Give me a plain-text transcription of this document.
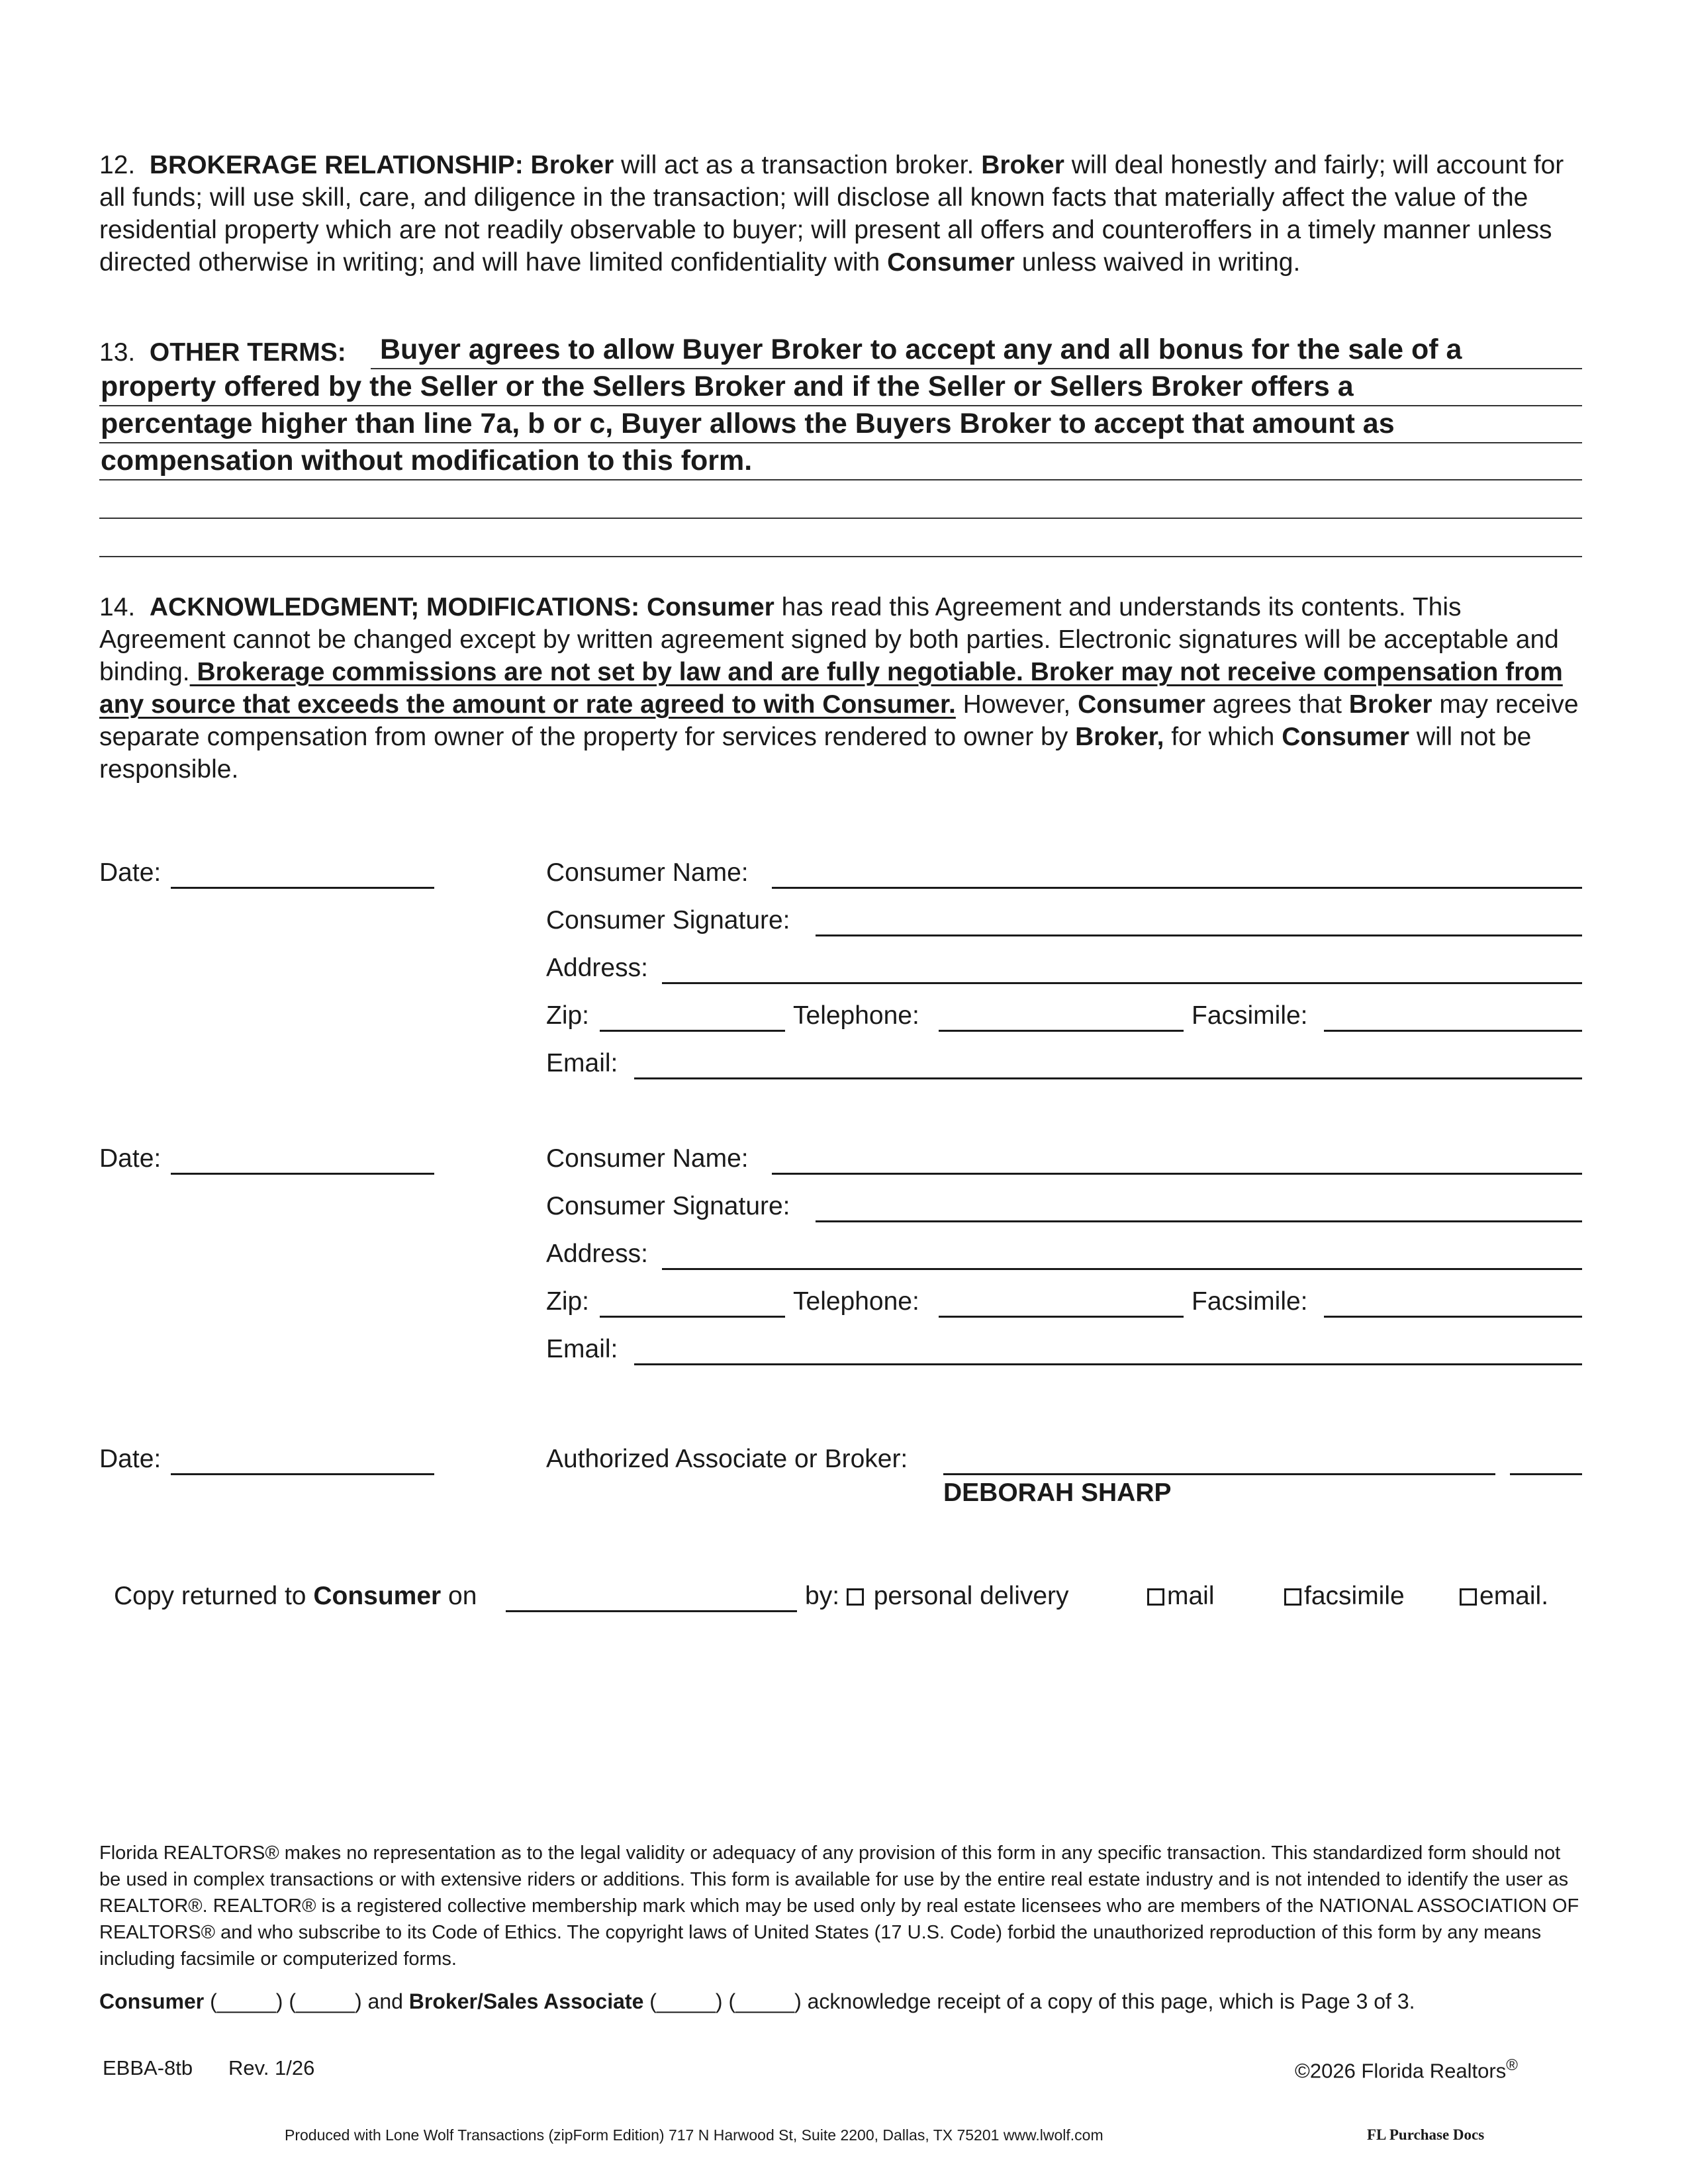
12. BROKERAGE RELATIONSHIP: Broker will act as a transaction broker. Broker will deal honestly and fairly; will account for all funds; will use skill, care, and diligence in the transaction; will disclose all known facts that materially affect the value of the residential property which are not readily observable to buyer; will present all offers and counteroffers in a timely manner unless directed otherwise in writing; and will have limited confidentiality with Consumer unless waived in writing.
13. OTHER TERMS: Buyer agrees to allow Buyer Broker to accept any and all bonus for the sale of a
property offered by the Seller or the Sellers Broker and if the Seller or Sellers Broker offers a
percentage higher than line 7a, b or c, Buyer allows the Buyers Broker to accept that amount as
compensation without modification to this form.
14. ACKNOWLEDGMENT; MODIFICATIONS: Consumer has read this Agreement and understands its contents. This Agreement cannot be changed except by written agreement signed by both parties. Electronic signatures will be acceptable and binding. Brokerage commissions are not set by law and are fully negotiable. Broker may not receive compensation from any source that exceeds the amount or rate agreed to with Consumer. However, Consumer agrees that Broker may receive separate compensation from owner of the property for services rendered to owner by Broker, for which Consumer will not be responsible.
Date:	Consumer Name:
Consumer Signature:
Address:
Zip:	Telephone:	Facsimile:
Email:
Date:	Consumer Name:
Consumer Signature:
Address:
Zip:	Telephone:	Facsimile:
Email:
Date:	Authorized Associate or Broker:
DEBORAH SHARP
Copy returned to Consumer on	by: personal delivery	mail	facsimile	email.
Florida REALTORS® makes no representation as to the legal validity or adequacy of any provision of this form in any specific transaction. This standardized form should not be used in complex transactions or with extensive riders or additions. This form is available for use by the entire real estate industry and is not intended to identify the user as REALTOR®. REALTOR® is a registered collective membership mark which may be used only by real estate licensees who are members of the NATIONAL ASSOCIATION OF REALTORS® and who subscribe to its Code of Ethics. The copyright laws of United States (17 U.S. Code) forbid the unauthorized reproduction of this form by any means including facsimile or computerized forms.
Consumer (_____) (_____) and Broker/Sales Associate (_____) (_____) acknowledge receipt of a copy of this page, which is Page 3 of 3.
EBBA-8tb Rev. 1/26	©2026 Florida Realtors®
Produced with Lone Wolf Transactions (zipForm Edition) 717 N Harwood St, Suite 2200, Dallas, TX 75201 www.lwolf.com	FL Purchase Docs
